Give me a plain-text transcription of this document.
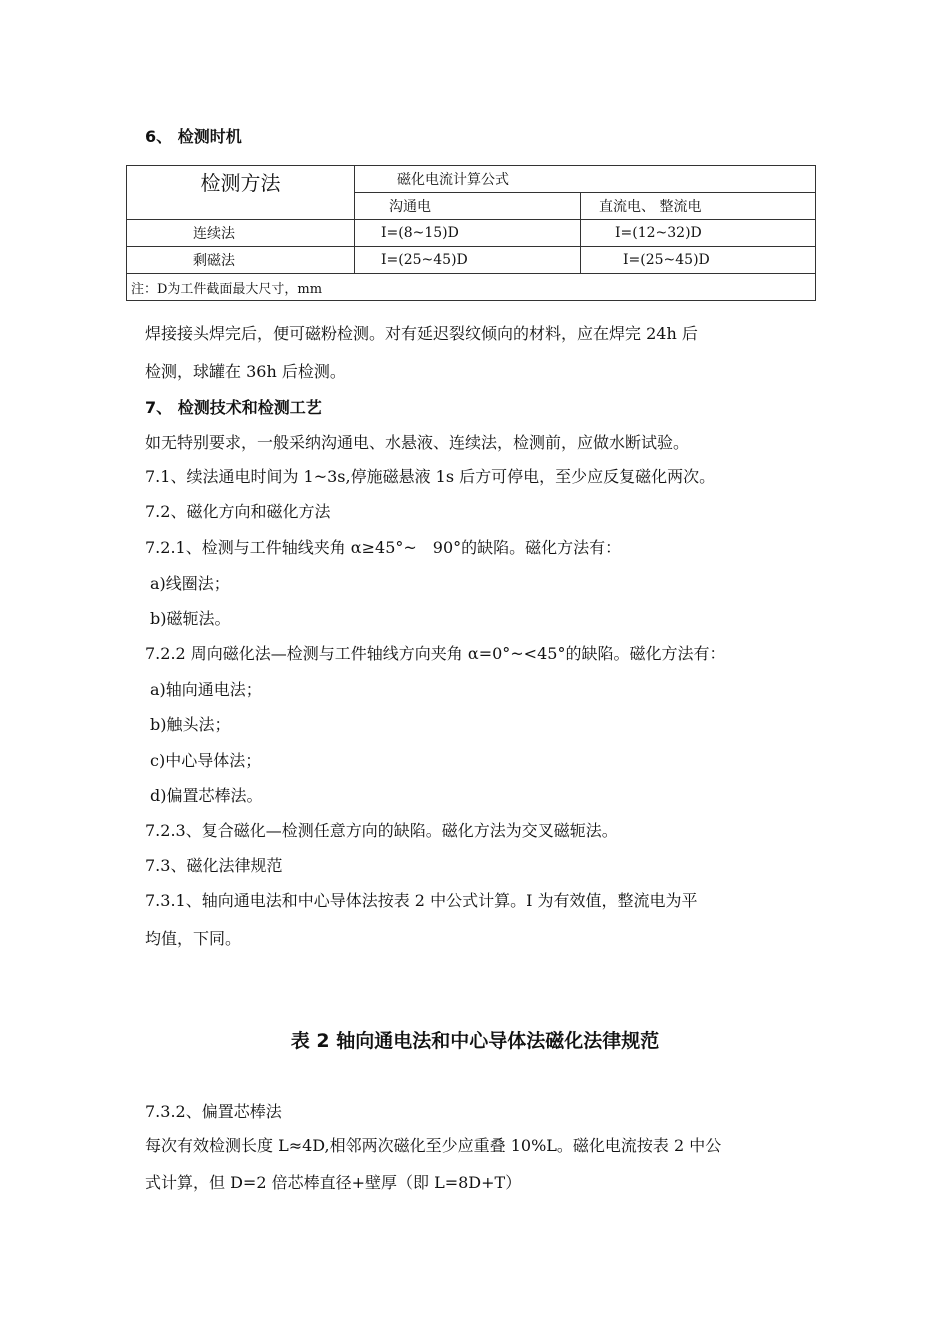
6、 检测时机
检测方法	磁化电流计算公式	
	沟通电	直流电、 整流电
连续法	I=(8~15)D	I=(12~32)D
剩磁法	I=(25~45)D	I=(25~45)D
注：D为工件截面最大尺寸，mm		
焊接接头焊完后，便可磁粉检测。对有延迟裂纹倾向的材料，应在焊完 24h 后
检测，球罐在 36h 后检测。
7、 检测技术和检测工艺
如无特别要求，一般采纳沟通电、水悬液、连续法，检测前，应做水断试验。
7.1、续法通电时间为 1~3s,停施磁悬液 1s 后方可停电，至少应反复磁化两次。
7.2、磁化方向和磁化方法
7.2.1、检测与工件轴线夹角 α≥45°~　90°的缺陷。磁化方法有：
a)线圈法；
b)磁轭法。
7.2.2 周向磁化法—检测与工件轴线方向夹角 α=0°~<45°的缺陷。磁化方法有：
a)轴向通电法；
b)触头法；
c)中心导体法；
d)偏置芯棒法。
7.2.3、复合磁化—检测任意方向的缺陷。磁化方法为交叉磁轭法。
7.3、磁化法律规范
7.3.1、轴向通电法和中心导体法按表 2 中公式计算。I 为有效值，整流电为平
均值，下同。
表 2 轴向通电法和中心导体法磁化法律规范
7.3.2、偏置芯棒法
每次有效检测长度 L≈4D,相邻两次磁化至少应重叠 10%L。磁化电流按表 2 中公
式计算，但 D=2 倍芯棒直径+壁厚（即 L=8D+T）
